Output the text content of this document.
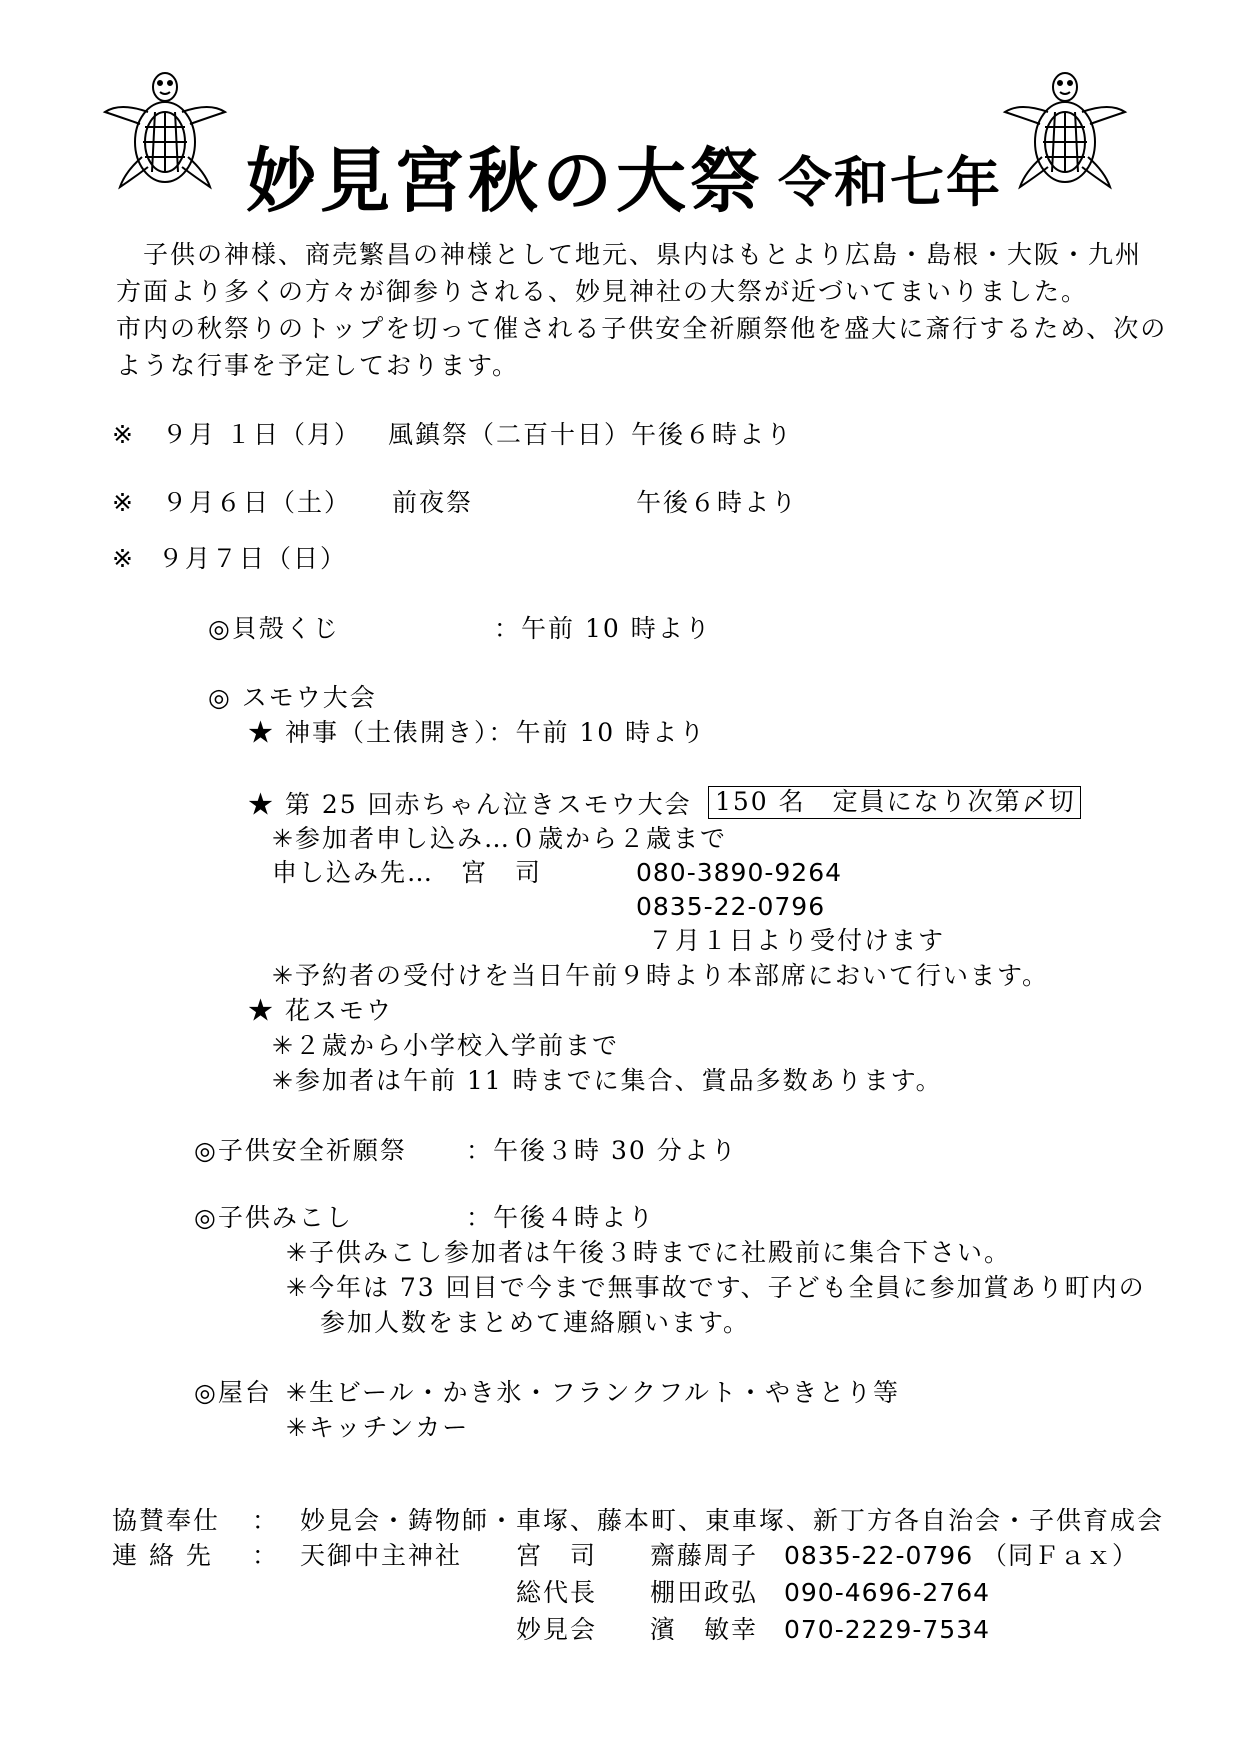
妙見宮秋の大祭 令和七年
　子供の神様、商売繁昌の神様として地元、県内はもとより広島・島根・大阪・九州
方面より多くの方々が御参りされる、妙見神社の大祭が近づいてまいりました。
市内の秋祭りのトップを切って催される子供安全祈願祭他を盛大に斎行するため、次の
ような行事を予定しております。
※ ９月 １日（月） 風鎮祭（二百十日）午後６時より
※ ９月６日（土） 前夜祭	午後６時より
※ ９月７日（日）
◎貝殻くじ	：午前 10 時より
◎ スモウ大会
★ 神事（土俵開き）：午前 10 時より
★ 第 25 回赤ちゃん泣きスモウ大会 150 名　定員になり次第〆切
✳参加者申し込み…０歳から２歳まで
申し込み先…　宮　司	080-3890-9264
0835-22-0796
７月１日より受付けます
✳予約者の受付けを当日午前９時より本部席において行います。
★ 花スモウ
✳２歳から小学校入学前まで
✳参加者は午前 11 時までに集合、賞品多数あります。
◎子供安全祈願祭 ：午後３時 30 分より
◎子供みこし	：午後４時より
✳子供みこし参加者は午後３時までに社殿前に集合下さい。
✳今年は 73 回目で今まで無事故です、子ども全員に参加賞あり町内の
参加人数をまとめて連絡願います。
◎屋台 ✳生ビール・かき氷・フランクフルト・やきとり等
✳キッチンカー
協賛奉仕 ： 妙見会・鋳物師・車塚、藤本町、東車塚、新丁方各自治会・子供育成会
連 絡 先 ： 天御中主神社 宮　司 齋藤周子 0835-22-0796 （同Ｆａｘ）
総代長 棚田政弘 090-4696-2764
妙見会 濱　敏幸 070-2229-7534
